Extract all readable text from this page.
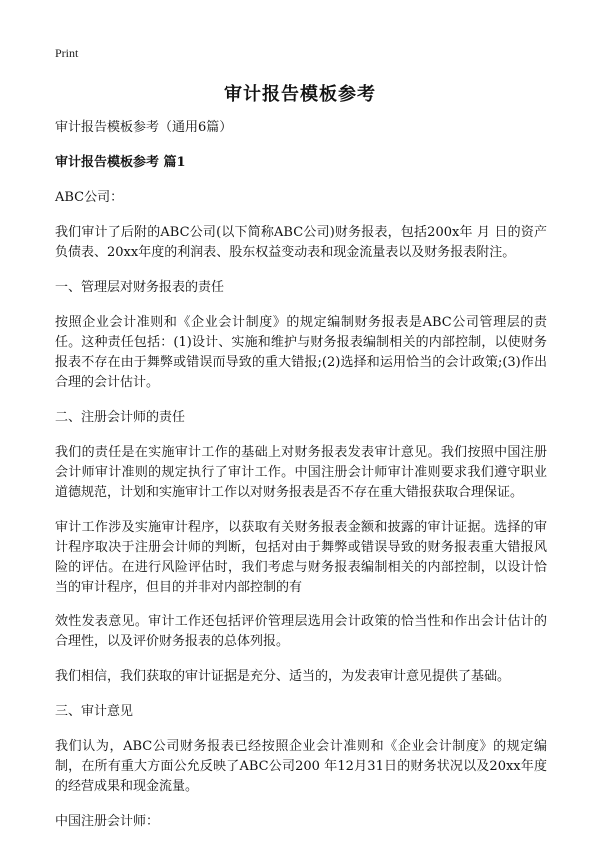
Print
审计报告模板参考

审计报告模板参考（通用6篇）

审计报告模板参考 篇1

ABC公司：

我们审计了后附的ABC公司(以下简称ABC公司)财务报表，包括200x年 月 日的资产负债表、20xx年度的利润表、股东权益变动表和现金流量表以及财务报表附注。

一、管理层对财务报表的责任

按照企业会计准则和《企业会计制度》的规定编制财务报表是ABC公司管理层的责任。这种责任包括：(1)设计、实施和维护与财务报表编制相关的内部控制，以使财务报表不存在由于舞弊或错误而导致的重大错报;(2)选择和运用恰当的会计政策;(3)作出合理的会计估计。

二、注册会计师的责任

我们的责任是在实施审计工作的基础上对财务报表发表审计意见。我们按照中国注册会计师审计准则的规定执行了审计工作。中国注册会计师审计准则要求我们遵守职业道德规范，计划和实施审计工作以对财务报表是否不存在重大错报获取合理保证。

审计工作涉及实施审计程序，以获取有关财务报表金额和披露的审计证据。选择的审计程序取决于注册会计师的判断，包括对由于舞弊或错误导致的财务报表重大错报风险的评估。在进行风险评估时，我们考虑与财务报表编制相关的内部控制，以设计恰当的审计程序，但目的并非对内部控制的有

效性发表意见。审计工作还包括评价管理层选用会计政策的恰当性和作出会计估计的合理性，以及评价财务报表的总体列报。

我们相信，我们获取的审计证据是充分、适当的，为发表审计意见提供了基础。

三、审计意见

我们认为，ABC公司财务报表已经按照企业会计准则和《企业会计制度》的规定编制，在所有重大方面公允反映了ABC公司200 年12月31日的财务状况以及20xx年度的经营成果和现金流量。

中国注册会计师：
